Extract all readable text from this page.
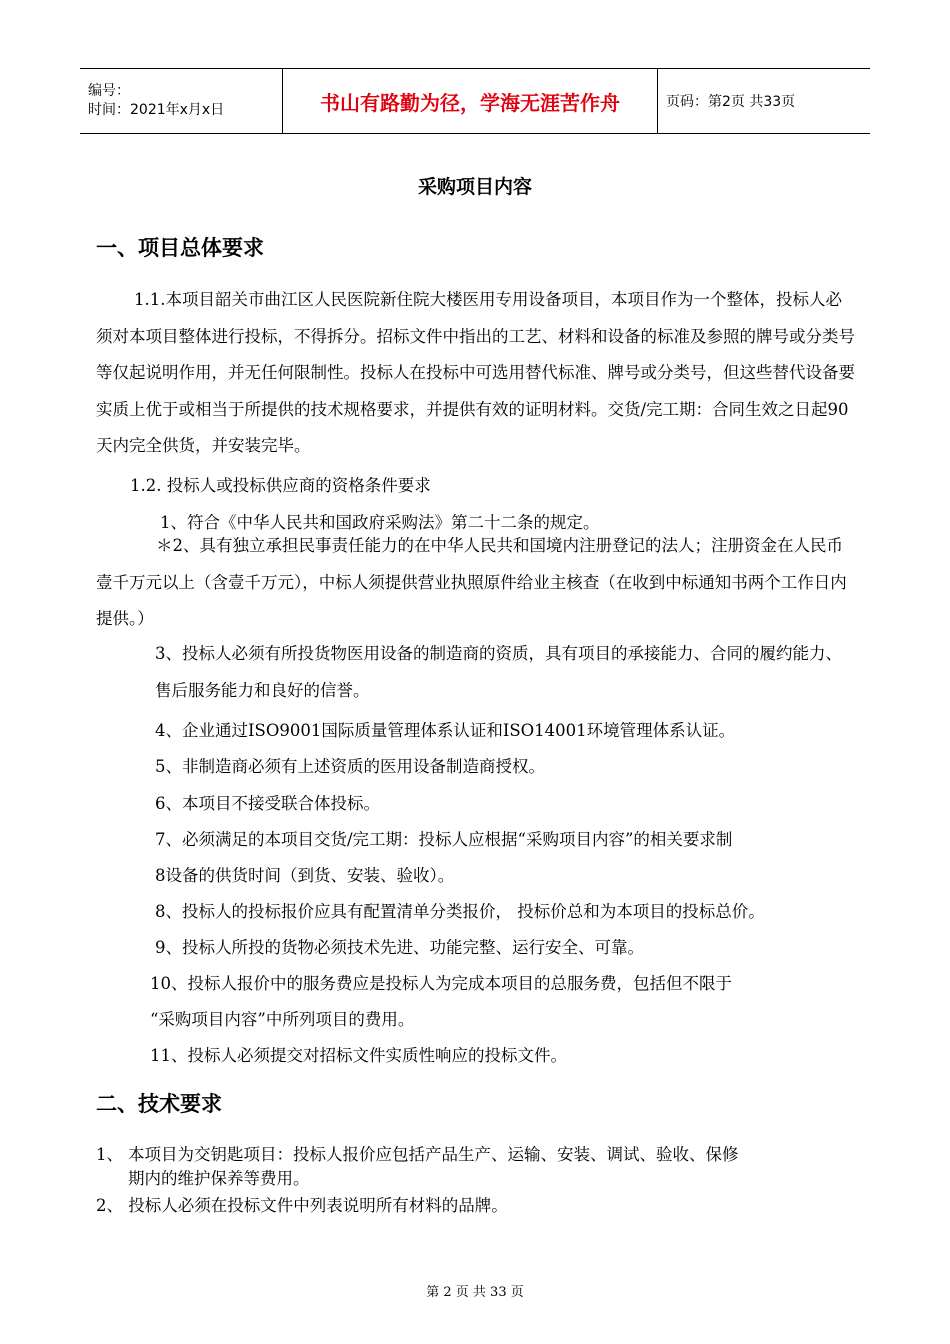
编号：
时间：2021年x月x日	书山有路勤为径，学海无涯苦作舟	页码：第2页 共33页
采购项目内容
一、项目总体要求
1.1.本项目韶关市曲江区人民医院新住院大楼医用专用设备项目，本项目作为一个整体，投标人必须对本项目整体进行投标，不得拆分。招标文件中指出的工艺、材料和设备的标准及参照的牌号或分类号等仅起说明作用，并无任何限制性。投标人在投标中可选用替代标准、牌号或分类号，但这些替代设备要实质上优于或相当于所提供的技术规格要求，并提供有效的证明材料。交货/完工期：合同生效之日起90天内完全供货，并安装完毕。
1.2. 投标人或投标供应商的资格条件要求
1、符合《中华人民共和国政府采购法》第二十二条的规定。
＊2、具有独立承担民事责任能力的在中华人民共和国境内注册登记的法人；注册资金在人民币壹千万元以上（含壹千万元），中标人须提供营业执照原件给业主核查（在收到中标通知书两个工作日内提供。）
3、投标人必须有所投货物医用设备的制造商的资质，具有项目的承接能力、合同的履约能力、售后服务能力和良好的信誉。
4、企业通过ISO9001国际质量管理体系认证和ISO14001环境管理体系认证。
5、非制造商必须有上述资质的医用设备制造商授权。
6、本项目不接受联合体投标。
7、必须满足的本项目交货/完工期：投标人应根据“采购项目内容”的相关要求制
8设备的供货时间（到货、安装、验收）。
8、投标人的投标报价应具有配置清单分类报价， 投标价总和为本项目的投标总价。
9、投标人所投的货物必须技术先进、功能完整、运行安全、可靠。
10、投标人报价中的服务费应是投标人为完成本项目的总服务费，包括但不限于
“采购项目内容”中所列项目的费用。
11、投标人必须提交对招标文件实质性响应的投标文件。
二、技术要求
1、 本项目为交钥匙项目：投标人报价应包括产品生产、运输、安装、调试、验收、保修
期内的维护保养等费用。
2、 投标人必须在投标文件中列表说明所有材料的品牌。
第 2 页 共 33 页
